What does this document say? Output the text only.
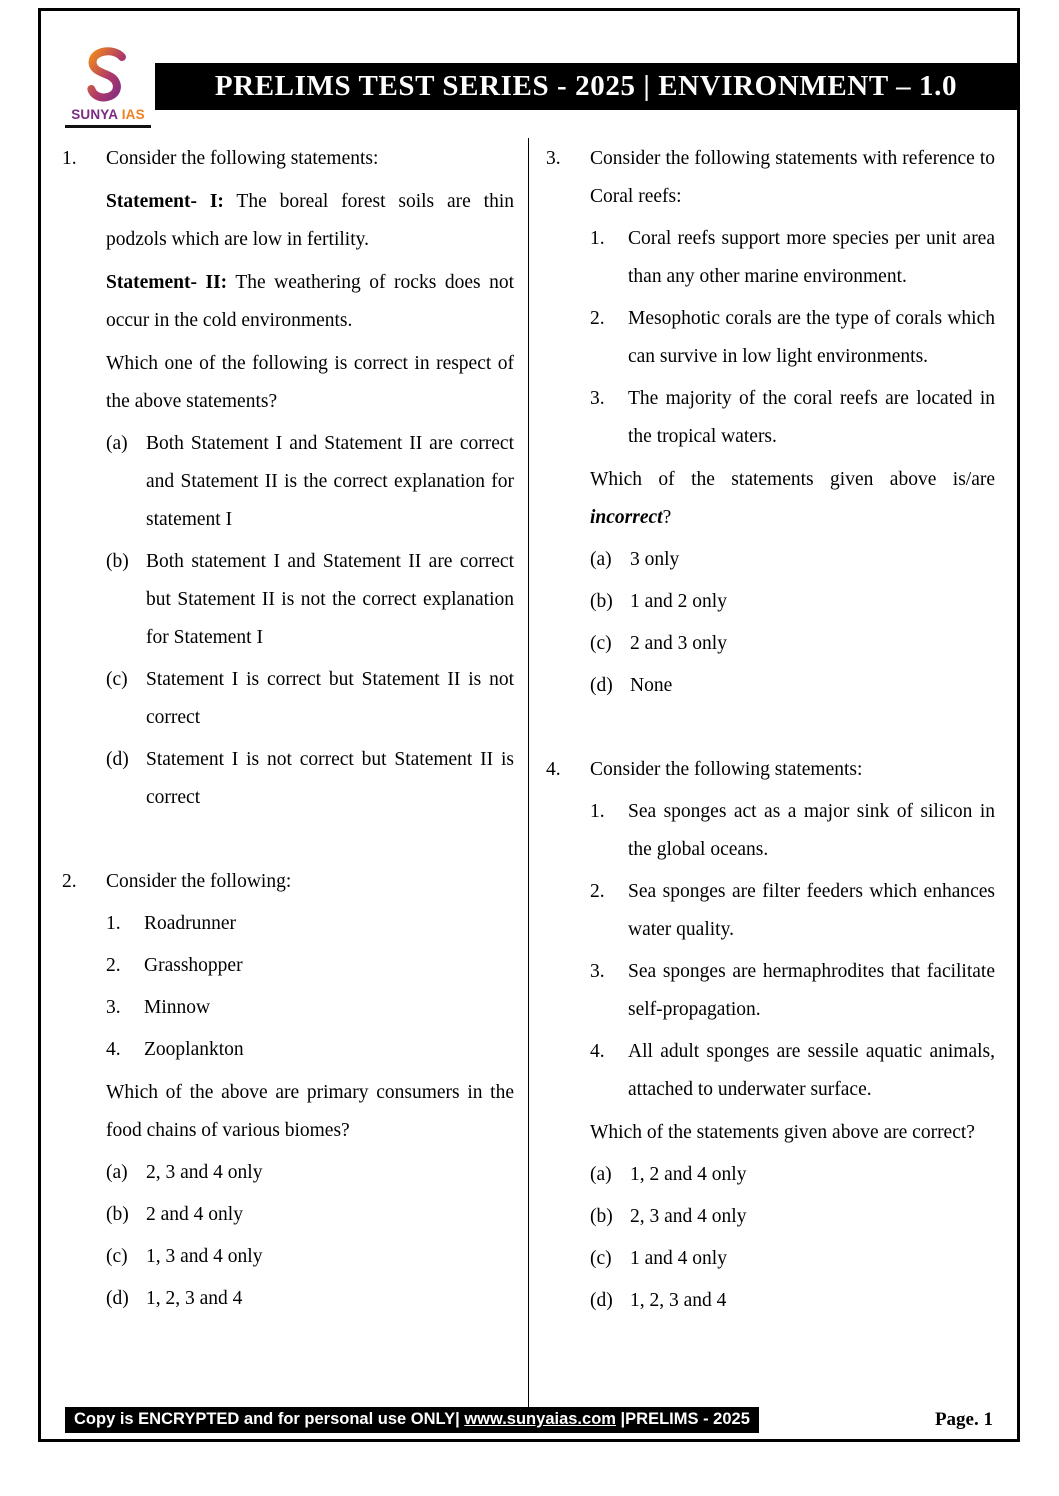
SUNYA IAS
PRELIMS TEST SERIES - 2025 | ENVIRONMENT – 1.0

1. Consider the following statements:

Statement- I: The boreal forest soils are thin podzols which are low in fertility.

Statement- II: The weathering of rocks does not occur in the cold environments.

Which one of the following is correct in respect of the above statements?

(a) Both Statement I and Statement II are correct and Statement II is the correct explanation for statement I
(b) Both statement I and Statement II are correct but Statement II is not the correct explanation for Statement I
(c) Statement I is correct but Statement II is not correct
(d) Statement I is not correct but Statement II is correct

2. Consider the following:

1. Roadrunner
2. Grasshopper
3. Minnow
4. Zooplankton

Which of the above are primary consumers in the food chains of various biomes?

(a) 2, 3 and 4 only
(b) 2 and 4 only
(c) 1, 3 and 4 only
(d) 1, 2, 3 and 4

3. Consider the following statements with reference to Coral reefs:

1. Coral reefs support more species per unit area than any other marine environment.
2. Mesophotic corals are the type of corals which can survive in low light environments.
3. The majority of the coral reefs are located in the tropical waters.

Which of the statements given above is/are incorrect?

(a) 3 only
(b) 1 and 2 only
(c) 2 and 3 only
(d) None

4. Consider the following statements:

1. Sea sponges act as a major sink of silicon in the global oceans.
2. Sea sponges are filter feeders which enhances water quality.
3. Sea sponges are hermaphrodites that facilitate self-propagation.
4. All adult sponges are sessile aquatic animals, attached to underwater surface.

Which of the statements given above are correct?

(a) 1, 2 and 4 only
(b) 2, 3 and 4 only
(c) 1 and 4 only
(d) 1, 2, 3 and 4
Copy is ENCRYPTED and for personal use ONLY| www.sunyaias.com |PRELIMS - 2025	Page. 1
